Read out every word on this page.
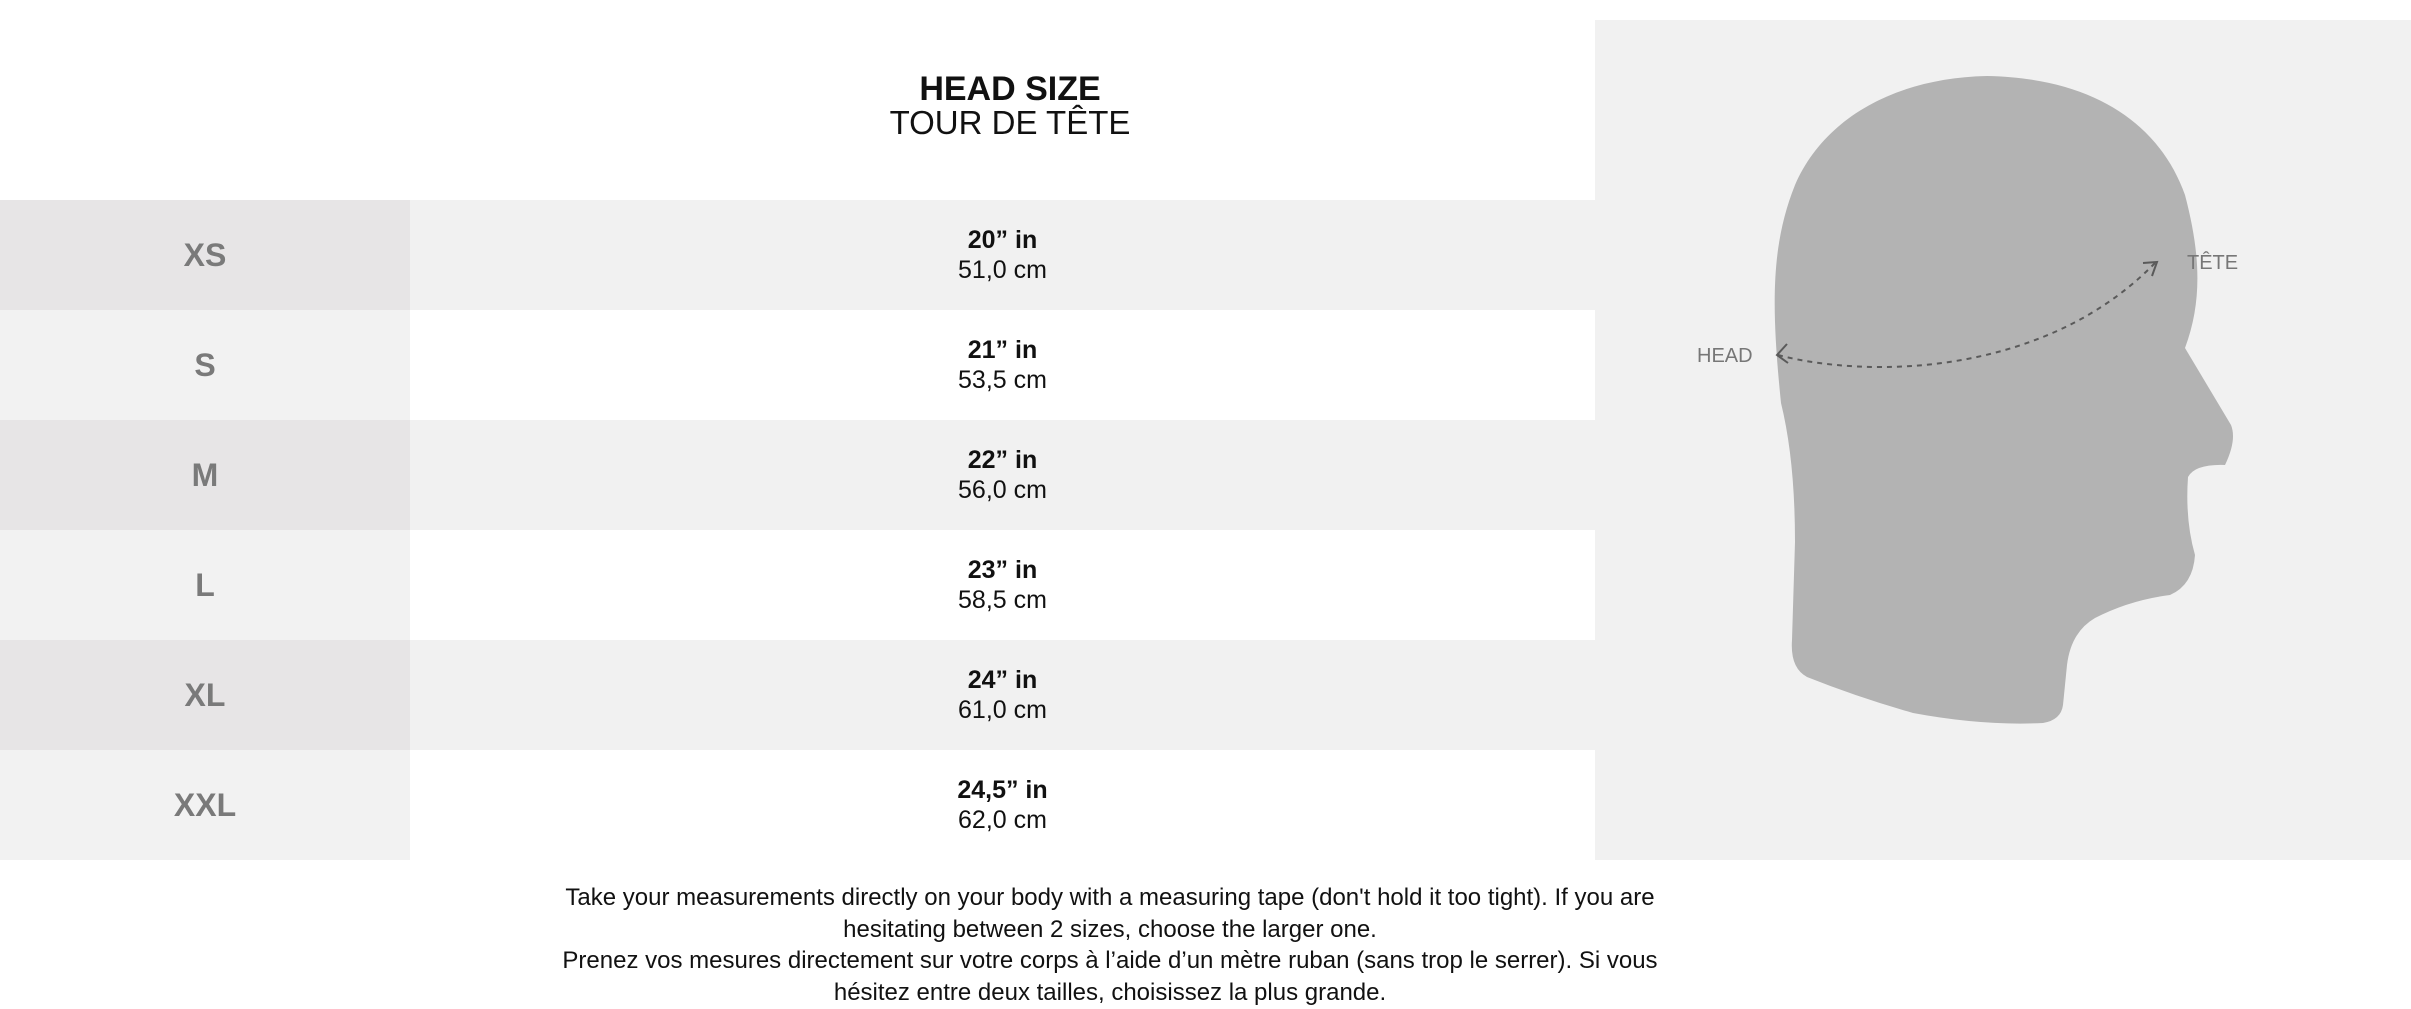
HEAD SIZE
TOUR DE TÊTE
XS	20” in
51,0 cm
S	21” in
53,5 cm
M	22” in
56,0 cm
L	23” in
58,5 cm
XL	24” in
61,0 cm
XXL	24,5” in
62,0 cm
HEAD
TÊTE
Take your measurements directly on your body with a measuring tape (don't hold it too tight). If you are hesitating between 2 sizes, choose the larger one.
Prenez vos mesures directement sur votre corps à l’aide d’un mètre ruban (sans trop le serrer). Si vous hésitez entre deux tailles, choisissez la plus grande.
